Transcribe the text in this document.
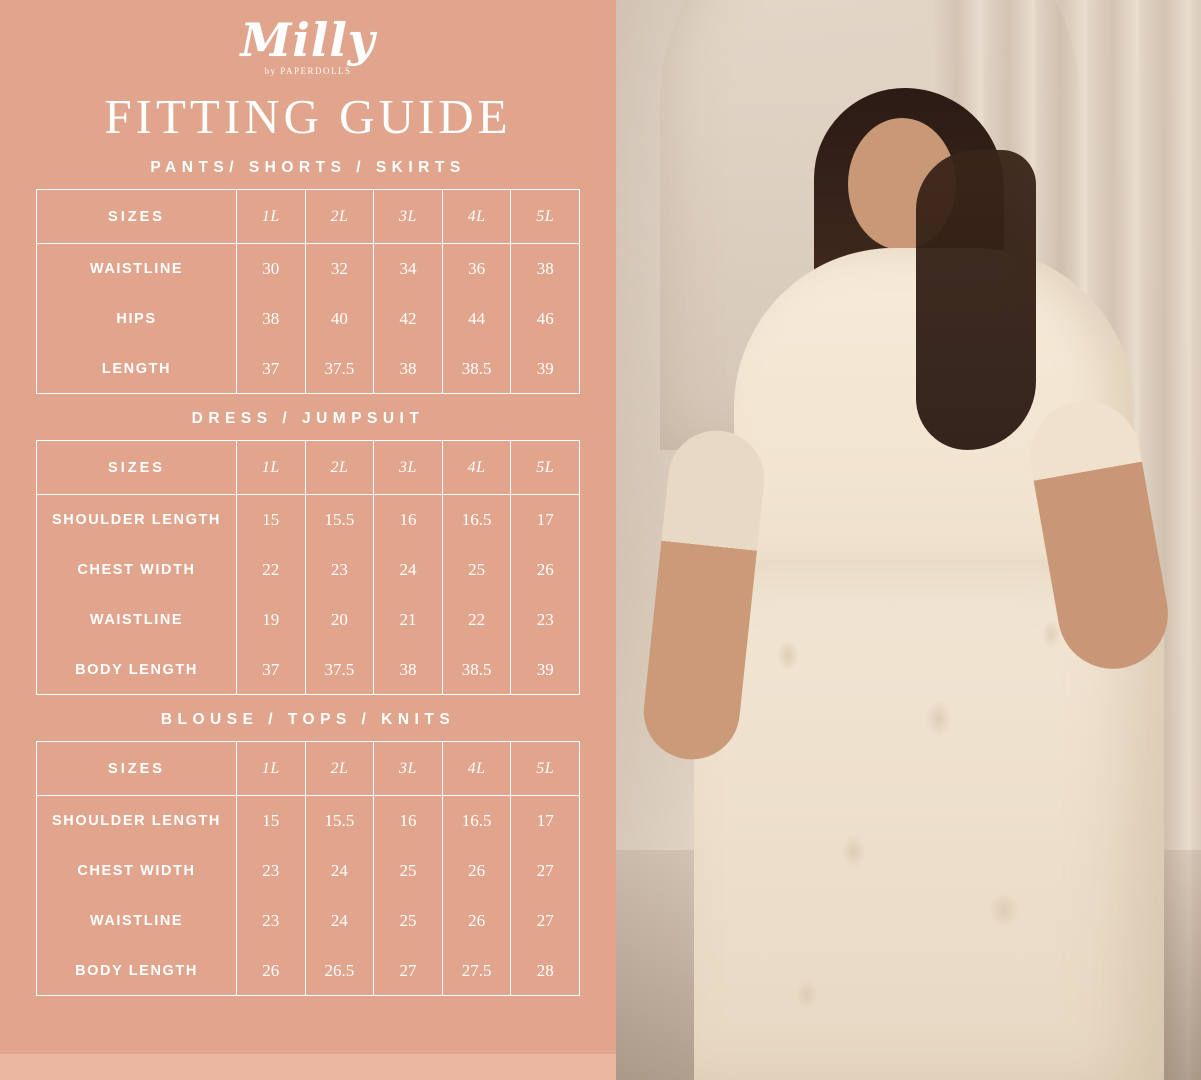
Milly
by PAPERDOLLS
FITTING GUIDE
PANTS/ SHORTS / SKIRTS
SIZES	1L	2L	3L	4L	5L
WAISTLINE	30	32	34	36	38
HIPS	38	40	42	44	46
LENGTH	37	37.5	38	38.5	39
DRESS / JUMPSUIT
SIZES	1L	2L	3L	4L	5L
SHOULDER LENGTH	15	15.5	16	16.5	17
CHEST WIDTH	22	23	24	25	26
WAISTLINE	19	20	21	22	23
BODY LENGTH	37	37.5	38	38.5	39
BLOUSE / TOPS / KNITS
SIZES	1L	2L	3L	4L	5L
SHOULDER LENGTH	15	15.5	16	16.5	17
CHEST WIDTH	23	24	25	26	27
WAISTLINE	23	24	25	26	27
BODY LENGTH	26	26.5	27	27.5	28
